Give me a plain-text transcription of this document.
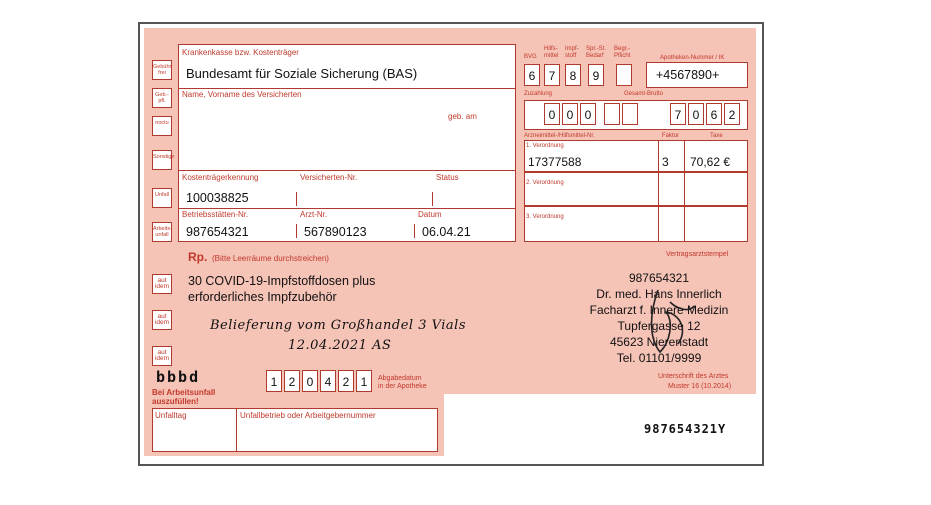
Gebühr frei
Geb.-pfl.
noctu
Sonstige
Unfall
Arbeits-unfall
Krankenkasse bzw. Kostenträger
Bundesamt für Soziale Sicherung (BAS)
Name, Vorname des Versicherten
geb. am
Kostenträgerkennung	Versicherten-Nr.	Status
100038825
Betriebsstätten-Nr.	Arzt-Nr.	Datum
987654321	567890123	06.04.21
BVG
Hilfs-mittel
Impf-stoff
Spr.-St. Bedarf
Begr.-Pflicht	Apotheken-Nummer / IK
6	7	8	9	+4567890+
Zuzahlung	Gesamt-Brutto
0 0 0	7 0 6 2
Arzneimittel-/Hilfsmittel-Nr.	Faktor	Taxe
1. Verordnung
17377588	3 70,62 €
2. Verordnung
3. Verordnung
Vertragsarztstempel
Rp. (Bitte Leerräume durchstreichen)
aut idem
aut idem
aut idem
30 COVID-19-Impfstoffdosen plus
erforderliches Impfzubehör
Belieferung vom Großhandel 3 Vials
12.04.2021 AS
987654321
Dr. med. Hans Innerlich
Facharzt f. Innere Medizin
Tupfergasse 12
45623 Nierenstadt
Tel. 01101/9999
Unterschrift des Arztes
Muster 16 (10.2014)
bbbd
Bei Arbeitsunfall
auszufüllen!
1 2 0 4 2 1	Abgabedatum
in der Apotheke
Unfalltag	Unfallbetrieb oder Arbeitgebernummer
987654321Y
